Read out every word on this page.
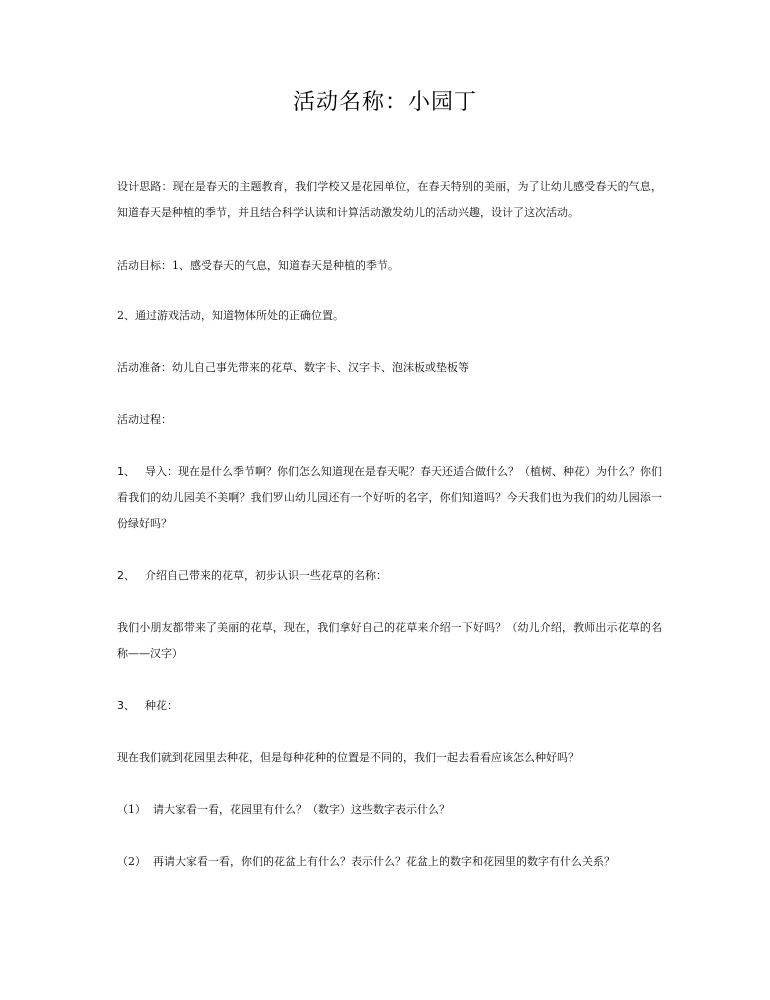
活动名称：小园丁
设计思路：现在是春天的主题教育，我们学校又是花园单位，在春天特别的美丽，为了让幼儿感受春天的气息，知道春天是种植的季节，并且结合科学认读和计算活动激发幼儿的活动兴趣，设计了这次活动。
活动目标：1、感受春天的气息，知道春天是种植的季节。
2、通过游戏活动，知道物体所处的正确位置。
活动准备：幼儿自己事先带来的花草、数字卡、汉字卡、泡沫板或垫板等
活动过程：
1、 导入：现在是什么季节啊？你们怎么知道现在是春天呢？春天还适合做什么？（植树、种花）为什么？你们看我们的幼儿园美不美啊？我们罗山幼儿园还有一个好听的名字，你们知道吗？今天我们也为我们的幼儿园添一份绿好吗？
2、 介绍自己带来的花草，初步认识一些花草的名称：
我们小朋友都带来了美丽的花草，现在，我们拿好自己的花草来介绍一下好吗？（幼儿介绍，教师出示花草的名称——汉字）
3、 种花：
现在我们就到花园里去种花，但是每种花种的位置是不同的，我们一起去看看应该怎么种好吗？
（1） 请大家看一看，花园里有什么？（数字）这些数字表示什么？
（2） 再请大家看一看，你们的花盆上有什么？表示什么？花盆上的数字和花园里的数字有什么关系？
